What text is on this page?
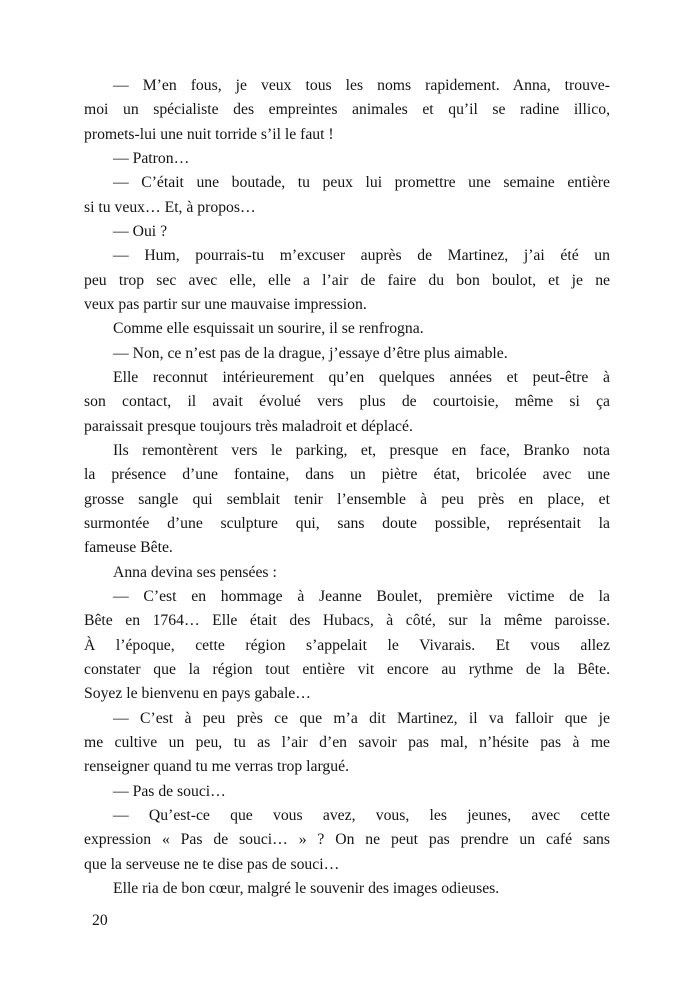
— M’en fous, je veux tous les noms rapidement. Anna, trouve-
moi un spécialiste des empreintes animales et qu’il se radine illico,
promets-lui une nuit torride s’il le faut !

— Patron…

— C’était une boutade, tu peux lui promettre une semaine entière
si tu veux… Et, à propos…

— Oui ?

— Hum, pourrais-tu m’excuser auprès de Martinez, j’ai été un
peu trop sec avec elle, elle a l’air de faire du bon boulot, et je ne
veux pas partir sur une mauvaise impression.

Comme elle esquissait un sourire, il se renfrogna.

— Non, ce n’est pas de la drague, j’essaye d’être plus aimable.

Elle reconnut intérieurement qu’en quelques années et peut-être à
son contact, il avait évolué vers plus de courtoisie, même si ça
paraissait presque toujours très maladroit et déplacé.

Ils remontèrent vers le parking, et, presque en face, Branko nota
la présence d’une fontaine, dans un piètre état, bricolée avec une
grosse sangle qui semblait tenir l’ensemble à peu près en place, et
surmontée d’une sculpture qui, sans doute possible, représentait la
fameuse Bête.

Anna devina ses pensées :

— C’est en hommage à Jeanne Boulet, première victime de la
Bête en 1764… Elle était des Hubacs, à côté, sur la même paroisse.
À l’époque, cette région s’appelait le Vivarais. Et vous allez
constater que la région tout entière vit encore au rythme de la Bête.
Soyez le bienvenu en pays gabale…

— C’est à peu près ce que m’a dit Martinez, il va falloir que je
me cultive un peu, tu as l’air d’en savoir pas mal, n’hésite pas à me
renseigner quand tu me verras trop largué.

— Pas de souci…

— Qu’est-ce que vous avez, vous, les jeunes, avec cette
expression « Pas de souci… » ? On ne peut pas prendre un café sans
que la serveuse ne te dise pas de souci…

Elle ria de bon cœur, malgré le souvenir des images odieuses.

20
